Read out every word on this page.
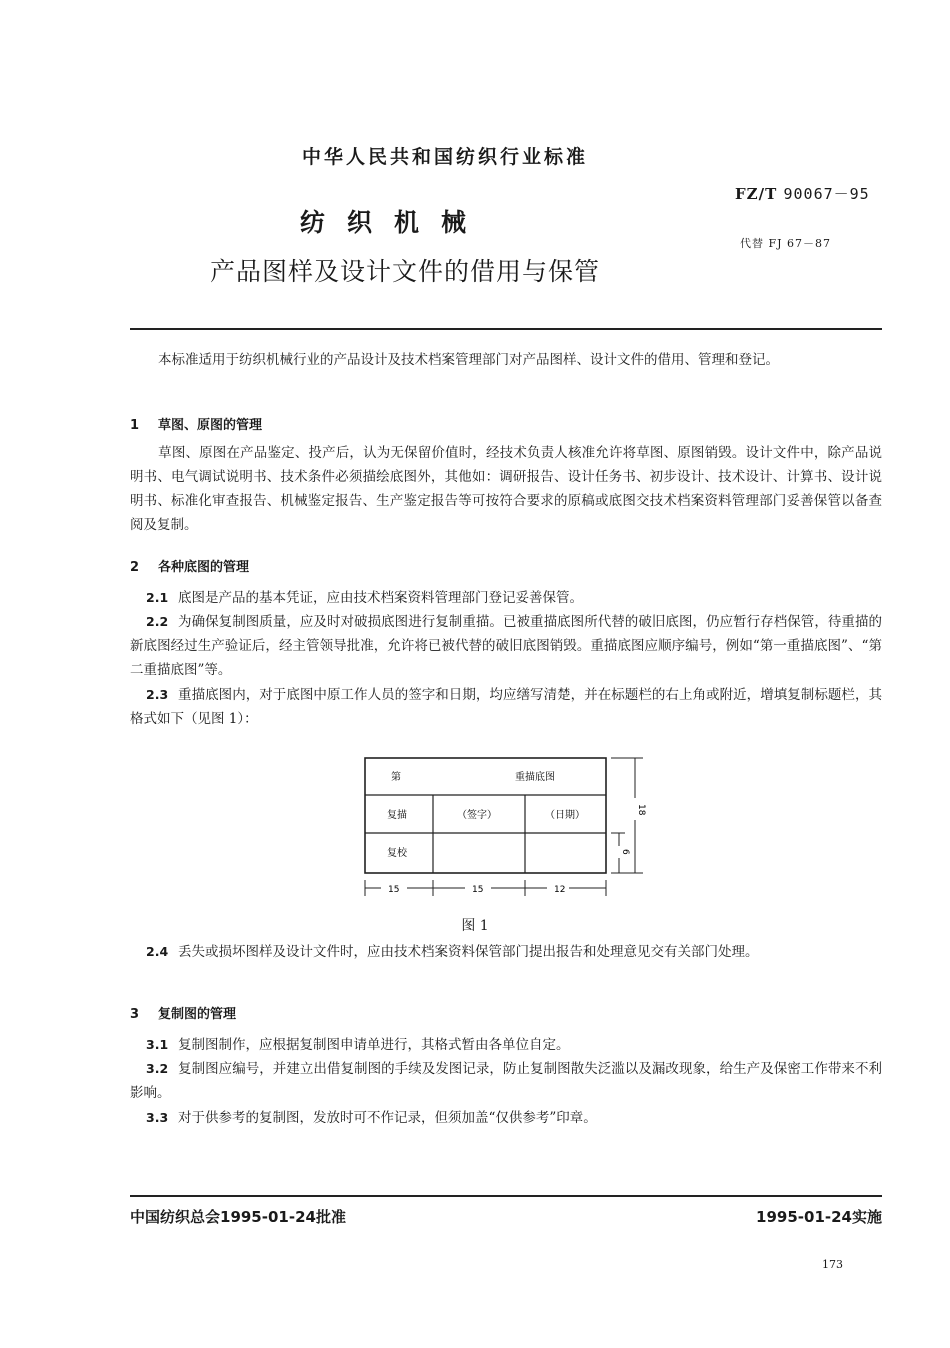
中华人民共和国纺织行业标准
FZ/T 90067－95
纺织机械
代替 FJ 67－87
产品图样及设计文件的借用与保管
本标准适用于纺织机械行业的产品设计及技术档案管理部门对产品图样、设计文件的借用、管理和登记。
1 草图、原图的管理
草图、原图在产品鉴定、投产后，认为无保留价值时，经技术负责人核准允许将草图、原图销毁。设计文件中，除产品说明书、电气调试说明书、技术条件必须描绘底图外，其他如：调研报告、设计任务书、初步设计、技术设计、计算书、设计说明书、标准化审查报告、机械鉴定报告、生产鉴定报告等可按符合要求的原稿或底图交技术档案资料管理部门妥善保管以备查阅及复制。
2 各种底图的管理
2.1 底图是产品的基本凭证，应由技术档案资料管理部门登记妥善保管。
2.2 为确保复制图质量，应及时对破损底图进行复制重描。已被重描底图所代替的破旧底图，仍应暂行存档保管，待重描的新底图经过生产验证后，经主管领导批准，允许将已被代替的破旧底图销毁。重描底图应顺序编号，例如“第一重描底图”、“第二重描底图”等。
2.3 重描底图内，对于底图中原工作人员的签字和日期，均应缮写清楚，并在标题栏的右上角或附近，增填复制标题栏，其格式如下（见图 1）：
第	重描底图
复描	（签字）	（日期）
复校
15	15	12
18
6
图 1
2.4 丢失或损坏图样及设计文件时，应由技术档案资料保管部门提出报告和处理意见交有关部门处理。
3 复制图的管理
3.1 复制图制作，应根据复制图申请单进行，其格式暂由各单位自定。
3.2 复制图应编号，并建立出借复制图的手续及发图记录，防止复制图散失泛滥以及漏改现象，给生产及保密工作带来不利影响。
3.3 对于供参考的复制图，发放时可不作记录，但须加盖“仅供参考”印章。
中国纺织总会1995-01-24批准	1995-01-24实施
173
